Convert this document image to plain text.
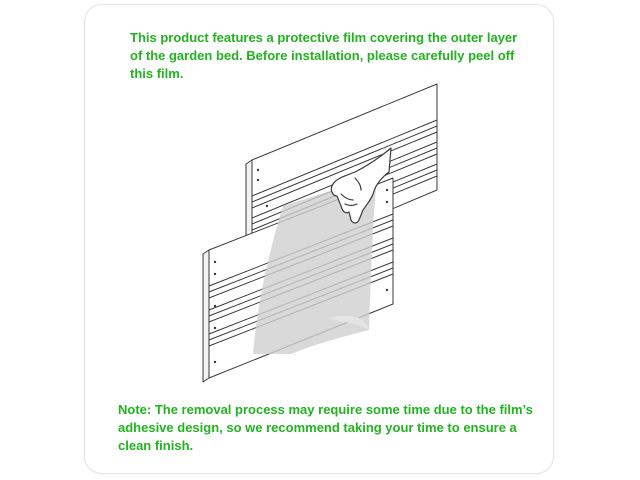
This product features a protective film covering the outer layer
of the garden bed. Before installation, please carefully peel off
this film.

Note: The removal process may require some time due to the film’s
adhesive design, so we recommend taking your time to ensure a
clean finish.
